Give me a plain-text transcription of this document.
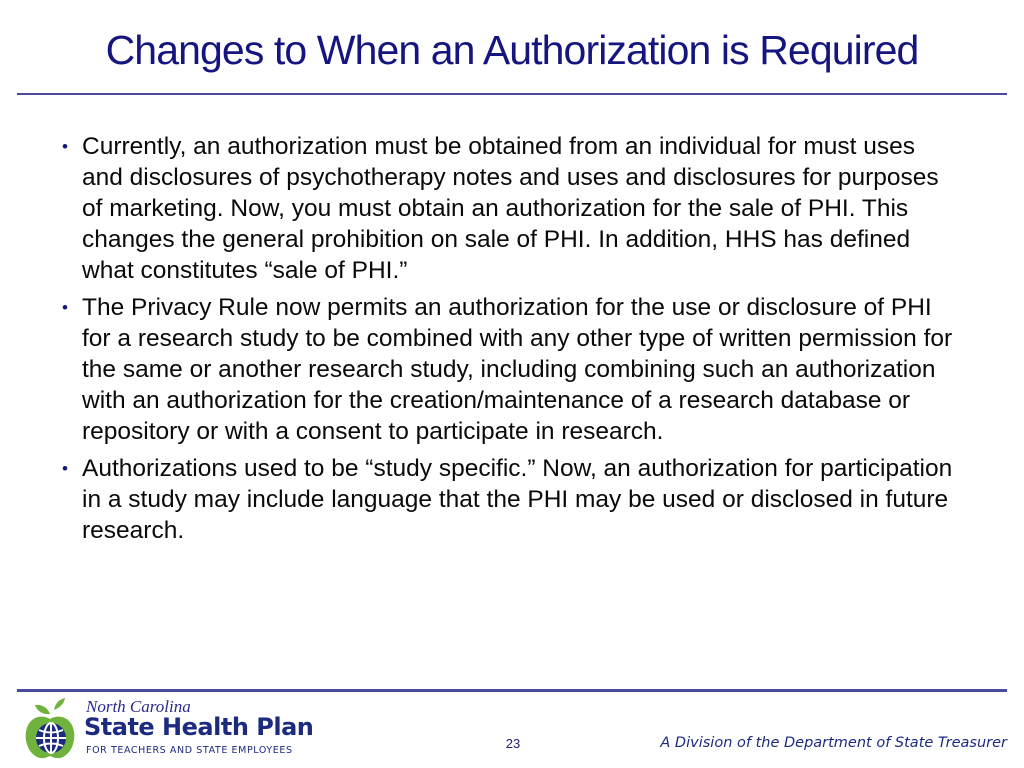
Changes to When an Authorization is Required
• Currently, an authorization must be obtained from an individual for must uses and disclosures of psychotherapy notes and uses and disclosures for purposes of marketing. Now, you must obtain an authorization for the sale of PHI. This changes the general prohibition on sale of PHI. In addition, HHS has defined what constitutes “sale of PHI.”
• The Privacy Rule now permits an authorization for the use or disclosure of PHI for a research study to be combined with any other type of written permission for the same or another research study, including combining such an authorization with an authorization for the creation/maintenance of a research database or repository or with a consent to participate in research.
• Authorizations used to be “study specific.” Now, an authorization for participation in a study may include language that the PHI may be used or disclosed in future research.
North Carolina
State Health Plan
FOR TEACHERS AND STATE EMPLOYEES	23	A Division of the Department of State Treasurer
